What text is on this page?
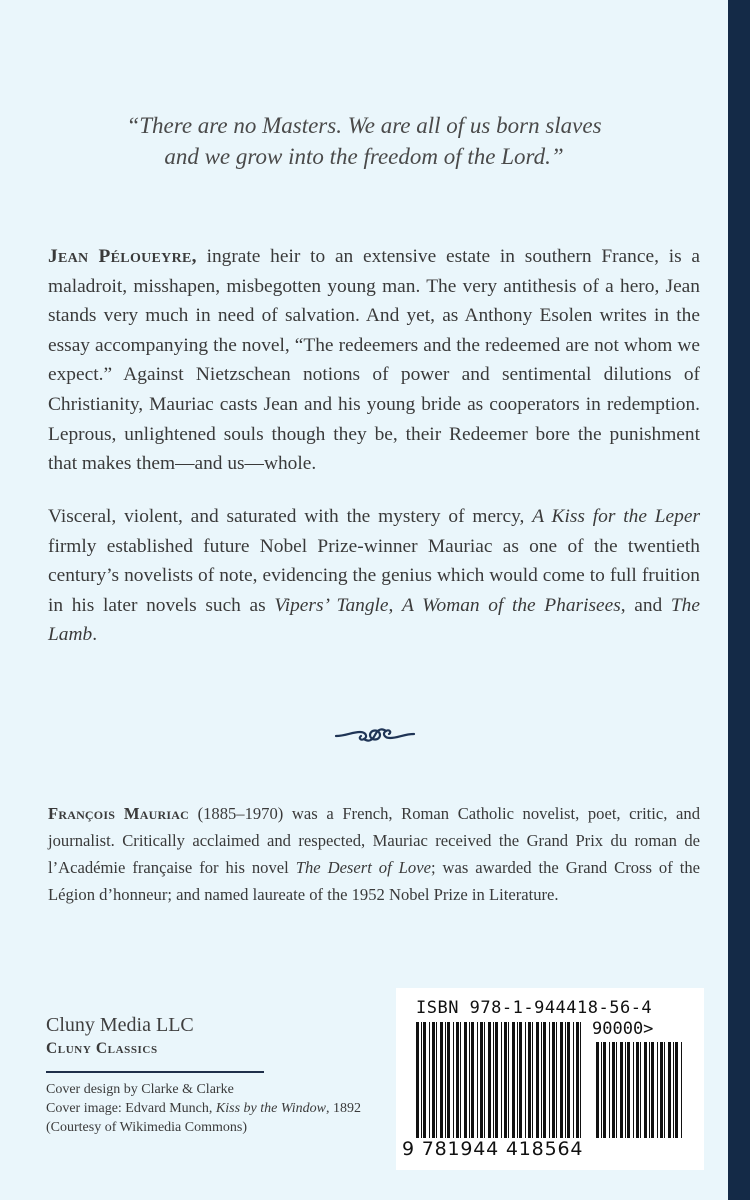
“There are no Masters. We are all of us born slaves
and we grow into the freedom of the Lord.”
Jean Péloueyre, ingrate heir to an extensive estate in southern France, is a maladroit, misshapen, misbegotten young man. The very antithesis of a hero, Jean stands very much in need of salvation. And yet, as Anthony Esolen writes in the essay accompanying the novel, “The redeemers and the redeemed are not whom we expect.” Against Nietzschean notions of power and sentimental dilutions of Christianity, Mauriac casts Jean and his young bride as cooperators in redemption. Leprous, unlightened souls though they be, their Redeemer bore the punishment that makes them—and us—whole.
Visceral, violent, and saturated with the mystery of mercy, A Kiss for the Leper firmly established future Nobel Prize-winner Mauriac as one of the twentieth century’s novelists of note, evidencing the genius which would come to full fruition in his later novels such as Vipers’ Tangle, A Woman of the Pharisees, and The Lamb.
François Mauriac (1885–1970) was a French, Roman Catholic novelist, poet, critic, and journalist. Critically acclaimed and respected, Mauriac received the Grand Prix du roman de l’Académie française for his novel The Desert of Love; was awarded the Grand Cross of the Légion d’honneur; and named laureate of the 1952 Nobel Prize in Literature.
Cluny Media LLC
Cluny Classics
Cover design by Clarke & Clarke
Cover image: Edvard Munch, Kiss by the Window, 1892
(Courtesy of Wikimedia Commons)
ISBN 978-1-944418-56-4
90000>
9 781944 418564
